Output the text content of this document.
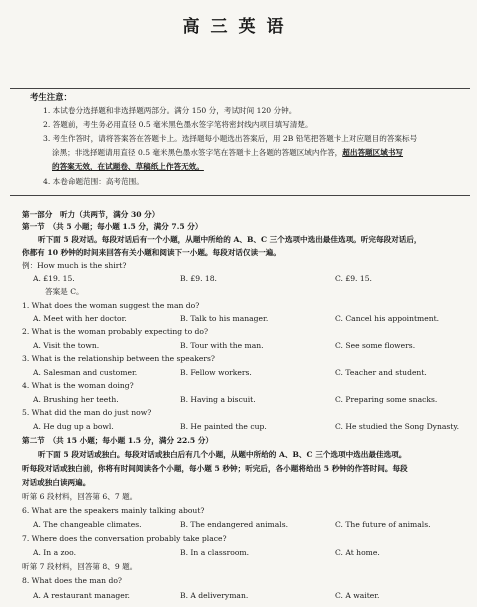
高三英语
考生注意：
1. 本试卷分选择题和非选择题两部分。满分 150 分，考试时间 120 分钟。
2. 答题前，考生务必用直径 0.5 毫米黑色墨水签字笔将密封线内项目填写清楚。
3. 考生作答时，请将答案答在答题卡上。选择题每小题选出答案后，用 2B 铅笔把答题卡上对应题目的答案标号
涂黑；非选择题请用直径 0.5 毫米黑色墨水签字笔在答题卡上各题的答题区域内作答，超出答题区域书写
的答案无效，在试题卷、草稿纸上作答无效。
4. 本卷命题范围：高考范围。
第一部分　听力（共两节，满分 30 分）
第一节　（共 5 小题；每小题 1.5 分，满分 7.5 分）
听下面 5 段对话。每段对话后有一个小题，从题中所给的 A、B、C 三个选项中选出最佳选项。听完每段对话后，
你都有 10 秒钟的时间来回答有关小题和阅读下一小题。每段对话仅读一遍。
例：How much is the shirt?
A. £19. 15.	B. £9. 18.	C. £9. 15.
答案是 C。
1. What does the woman suggest the man do?
A. Meet with her doctor.	B. Talk to his manager.	C. Cancel his appointment.
2. What is the woman probably expecting to do?
A. Visit the town.	B. Tour with the man.	C. See some flowers.
3. What is the relationship between the speakers?
A. Salesman and customer.	B. Fellow workers.	C. Teacher and student.
4. What is the woman doing?
A. Brushing her teeth.	B. Having a biscuit.	C. Preparing some snacks.
5. What did the man do just now?
A. He dug up a bowl.	B. He painted the cup.	C. He studied the Song Dynasty.
第二节　（共 15 小题；每小题 1.5 分，满分 22.5 分）
听下面 5 段对话或独白。每段对话或独白后有几个小题，从题中所给的 A、B、C 三个选项中选出最佳选项。
听每段对话或独白前，你将有时间阅读各个小题，每小题 5 秒钟；听完后，各小题将给出 5 秒钟的作答时间。每段
对话或独白读两遍。
听第 6 段材料，回答第 6、7 题。
6. What are the speakers mainly talking about?
A. The changeable climates.	B. The endangered animals.	C. The future of animals.
7. Where does the conversation probably take place?
A. In a zoo.	B. In a classroom.	C. At home.
听第 7 段材料，回答第 8、9 题。
8. What does the man do?
A. A restaurant manager.	B. A deliveryman.	C. A waiter.
